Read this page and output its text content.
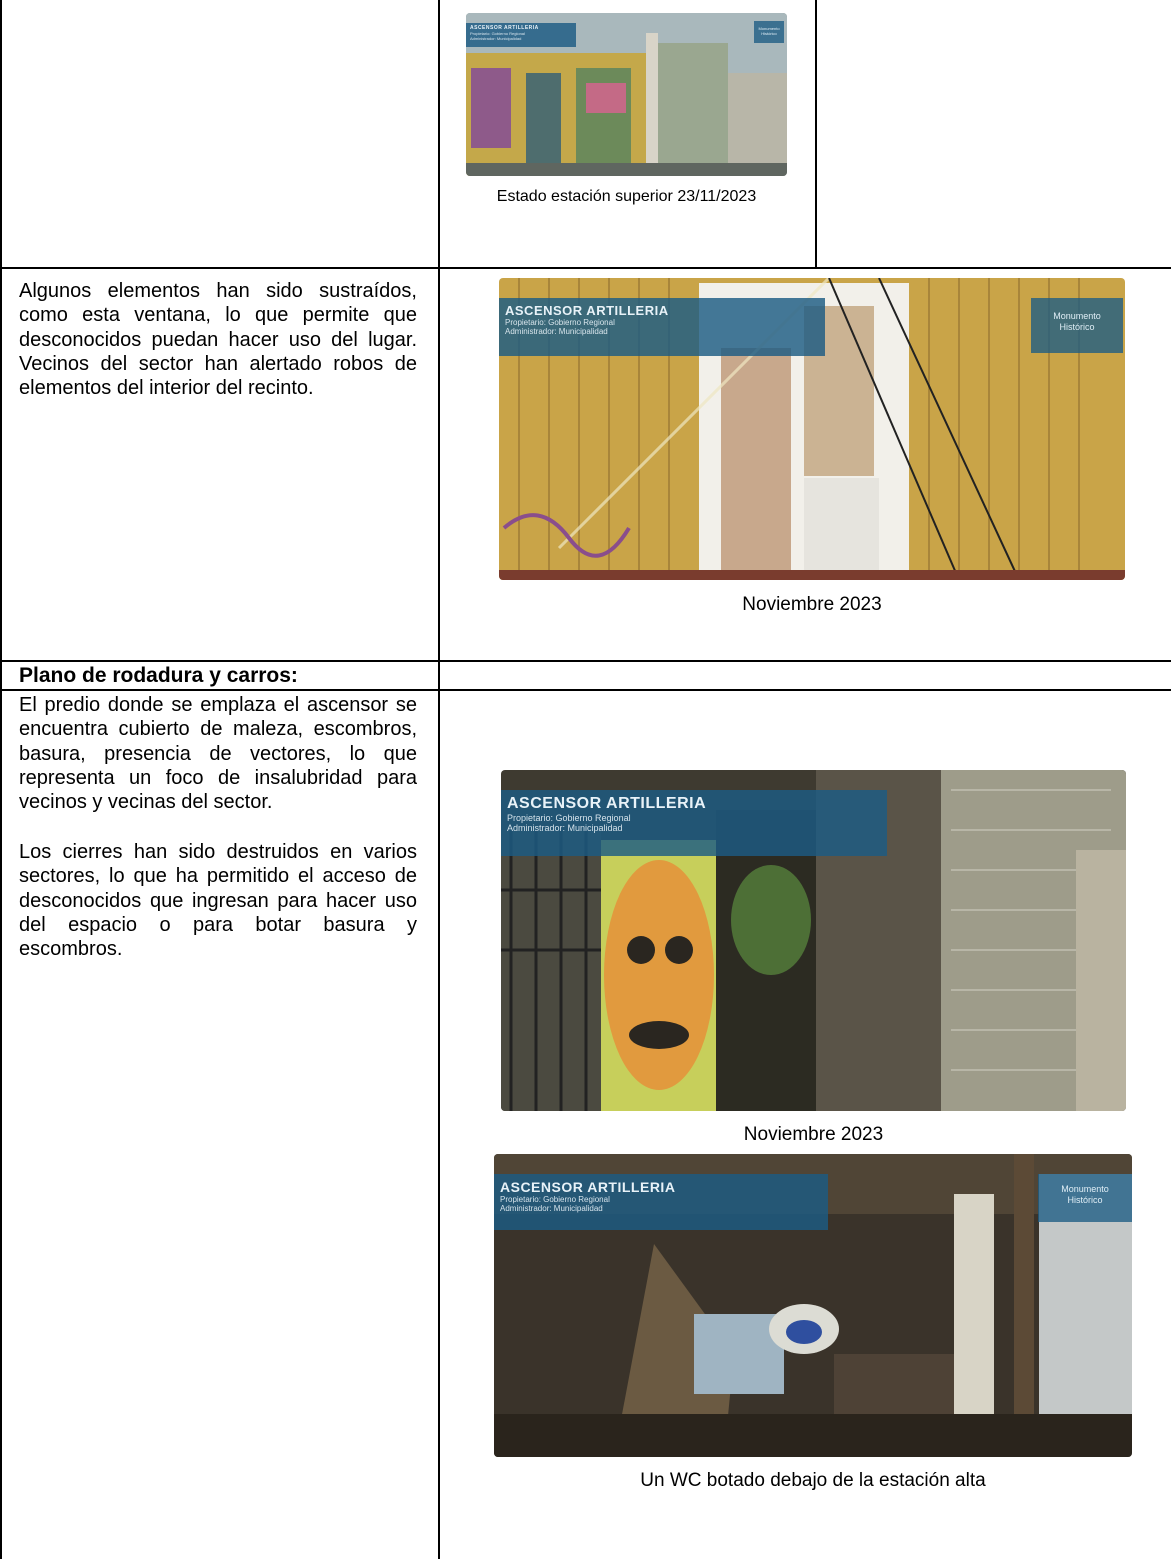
ASCENSOR ARTILLERIA
Propietario: Gobierno Regional
Administrador: Municipalidad
Monumento
Histórico
Estado estación superior 23/11/2023
Algunos elementos han sido sustraídos, como esta ventana, lo que permite que desconocidos puedan hacer uso del lugar. Vecinos del sector han alertado robos de elementos del interior del recinto.
ASCENSOR ARTILLERIA
Propietario: Gobierno Regional
Administrador: Municipalidad
Monumento
Histórico
Noviembre 2023
Plano de rodadura y carros:
El predio donde se emplaza el ascensor se encuentra cubierto de maleza, escombros, basura, presencia de vectores, lo que representa un foco de insalubridad para vecinos y vecinas del sector.
Los cierres han sido destruidos en varios sectores, lo que ha permitido el acceso de desconocidos que ingresan para hacer uso del espacio o para botar basura y escombros.
ASCENSOR ARTILLERIA
Propietario: Gobierno Regional
Administrador: Municipalidad
Noviembre 2023
ASCENSOR ARTILLERIA
Propietario: Gobierno Regional
Administrador: Municipalidad
Monumento
Histórico
Un WC botado debajo de la estación alta
